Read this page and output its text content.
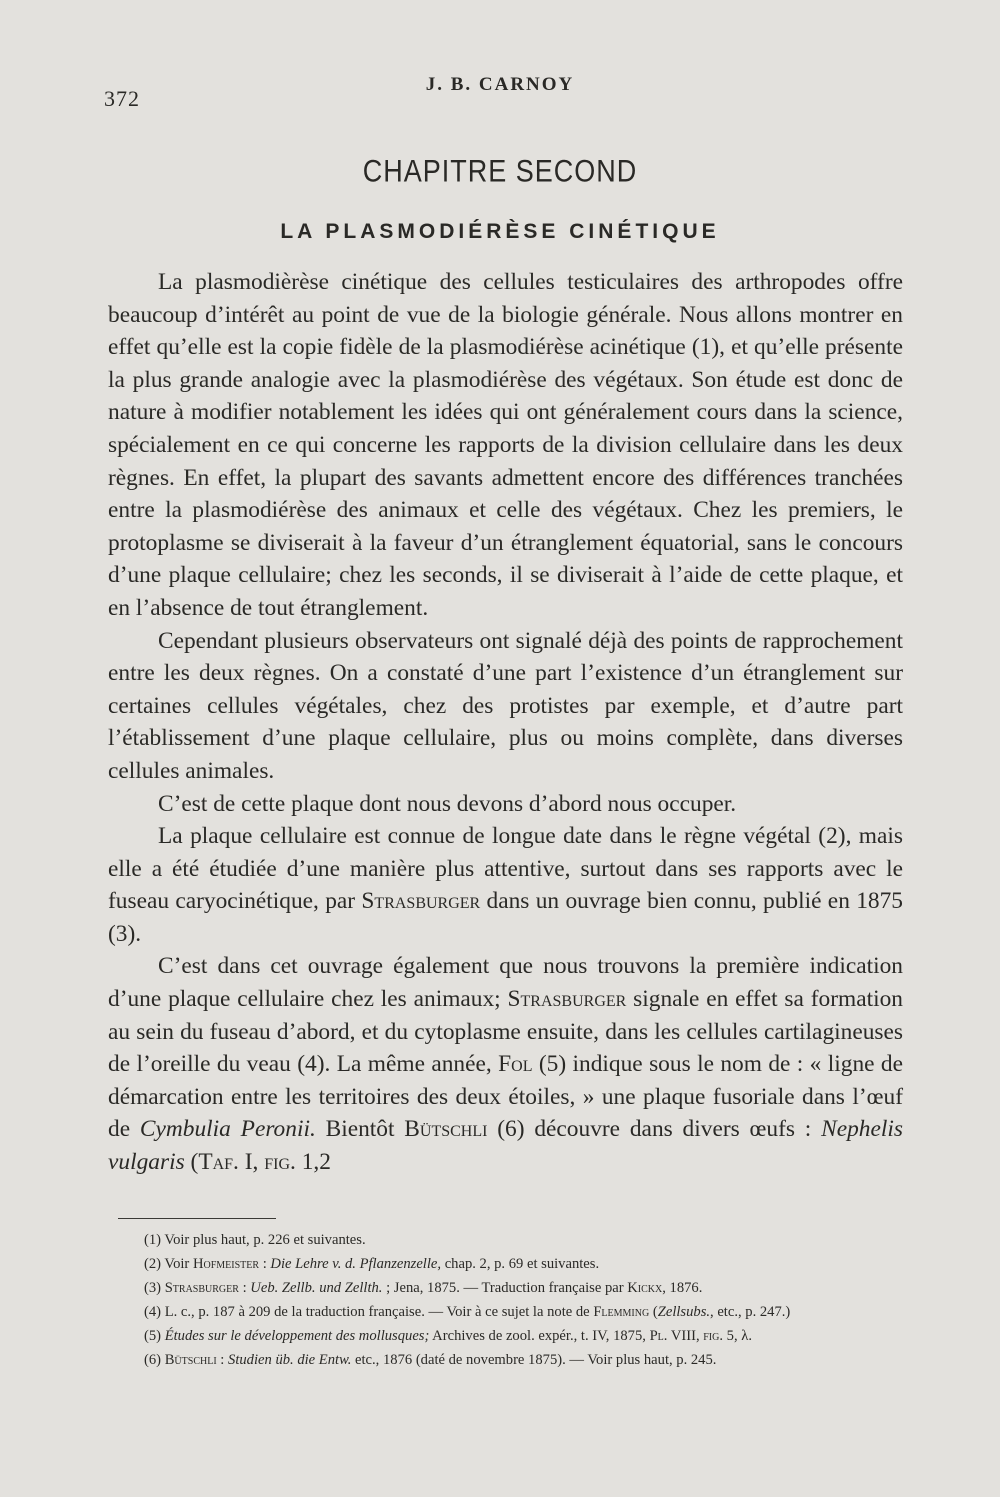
372
J. B. CARNOY
CHAPITRE SECOND
LA PLASMODIÉRÈSE CINÉTIQUE

La plasmodièrèse cinétique des cellules testiculaires des arthropodes offre beaucoup d’intérêt au point de vue de la biologie générale. Nous allons montrer en effet qu’elle est la copie fidèle de la plasmodiérèse acinétique (1), et qu’elle présente la plus grande analogie avec la plasmodiérèse des végétaux. Son étude est donc de nature à modifier notablement les idées qui ont généralement cours dans la science, spécialement en ce qui concerne les rapports de la division cellulaire dans les deux règnes. En effet, la plupart des savants admettent encore des différences tranchées entre la plasmodiérèse des animaux et celle des végétaux. Chez les premiers, le protoplasme se diviserait à la faveur d’un étranglement équatorial, sans le concours d’une plaque cellulaire; chez les seconds, il se diviserait à l’aide de cette plaque, et en l’absence de tout étranglement.

Cependant plusieurs observateurs ont signalé déjà des points de rapprochement entre les deux règnes. On a constaté d’une part l’existence d’un étranglement sur certaines cellules végétales, chez des protistes par exemple, et d’autre part l’établissement d’une plaque cellulaire, plus ou moins complète, dans diverses cellules animales.

C’est de cette plaque dont nous devons d’abord nous occuper.

La plaque cellulaire est connue de longue date dans le règne végétal (2), mais elle a été étudiée d’une manière plus attentive, surtout dans ses rapports avec le fuseau caryocinétique, par Strasburger dans un ouvrage bien connu, publié en 1875 (3).

C’est dans cet ouvrage également que nous trouvons la première indication d’une plaque cellulaire chez les animaux; Strasburger signale en effet sa formation au sein du fuseau d’abord, et du cytoplasme ensuite, dans les cellules cartilagineuses de l’oreille du veau (4). La même année, Fol (5) indique sous le nom de : « ligne de démarcation entre les territoires des deux étoiles, » une plaque fusoriale dans l’œuf de Cymbulia Peronii. Bientôt Bütschli (6) découvre dans divers œufs : Nephelis vulgaris (Taf. I, fig. 1,2

(1) Voir plus haut, p. 226 et suivantes.

(2) Voir Hofmeister : Die Lehre v. d. Pflanzenzelle, chap. 2, p. 69 et suivantes.

(3) Strasburger : Ueb. Zellb. und Zellth. ; Jena, 1875. — Traduction française par Kickx, 1876.

(4) L. c., p. 187 à 209 de la traduction française. — Voir à ce sujet la note de Flemming (Zellsubs., etc., p. 247.)

(5) Études sur le développement des mollusques; Archives de zool. expér., t. IV, 1875, Pl. VIII, fig. 5, λ.

(6) Bütschli : Studien üb. die Entw. etc., 1876 (daté de novembre 1875). — Voir plus haut, p. 245.
